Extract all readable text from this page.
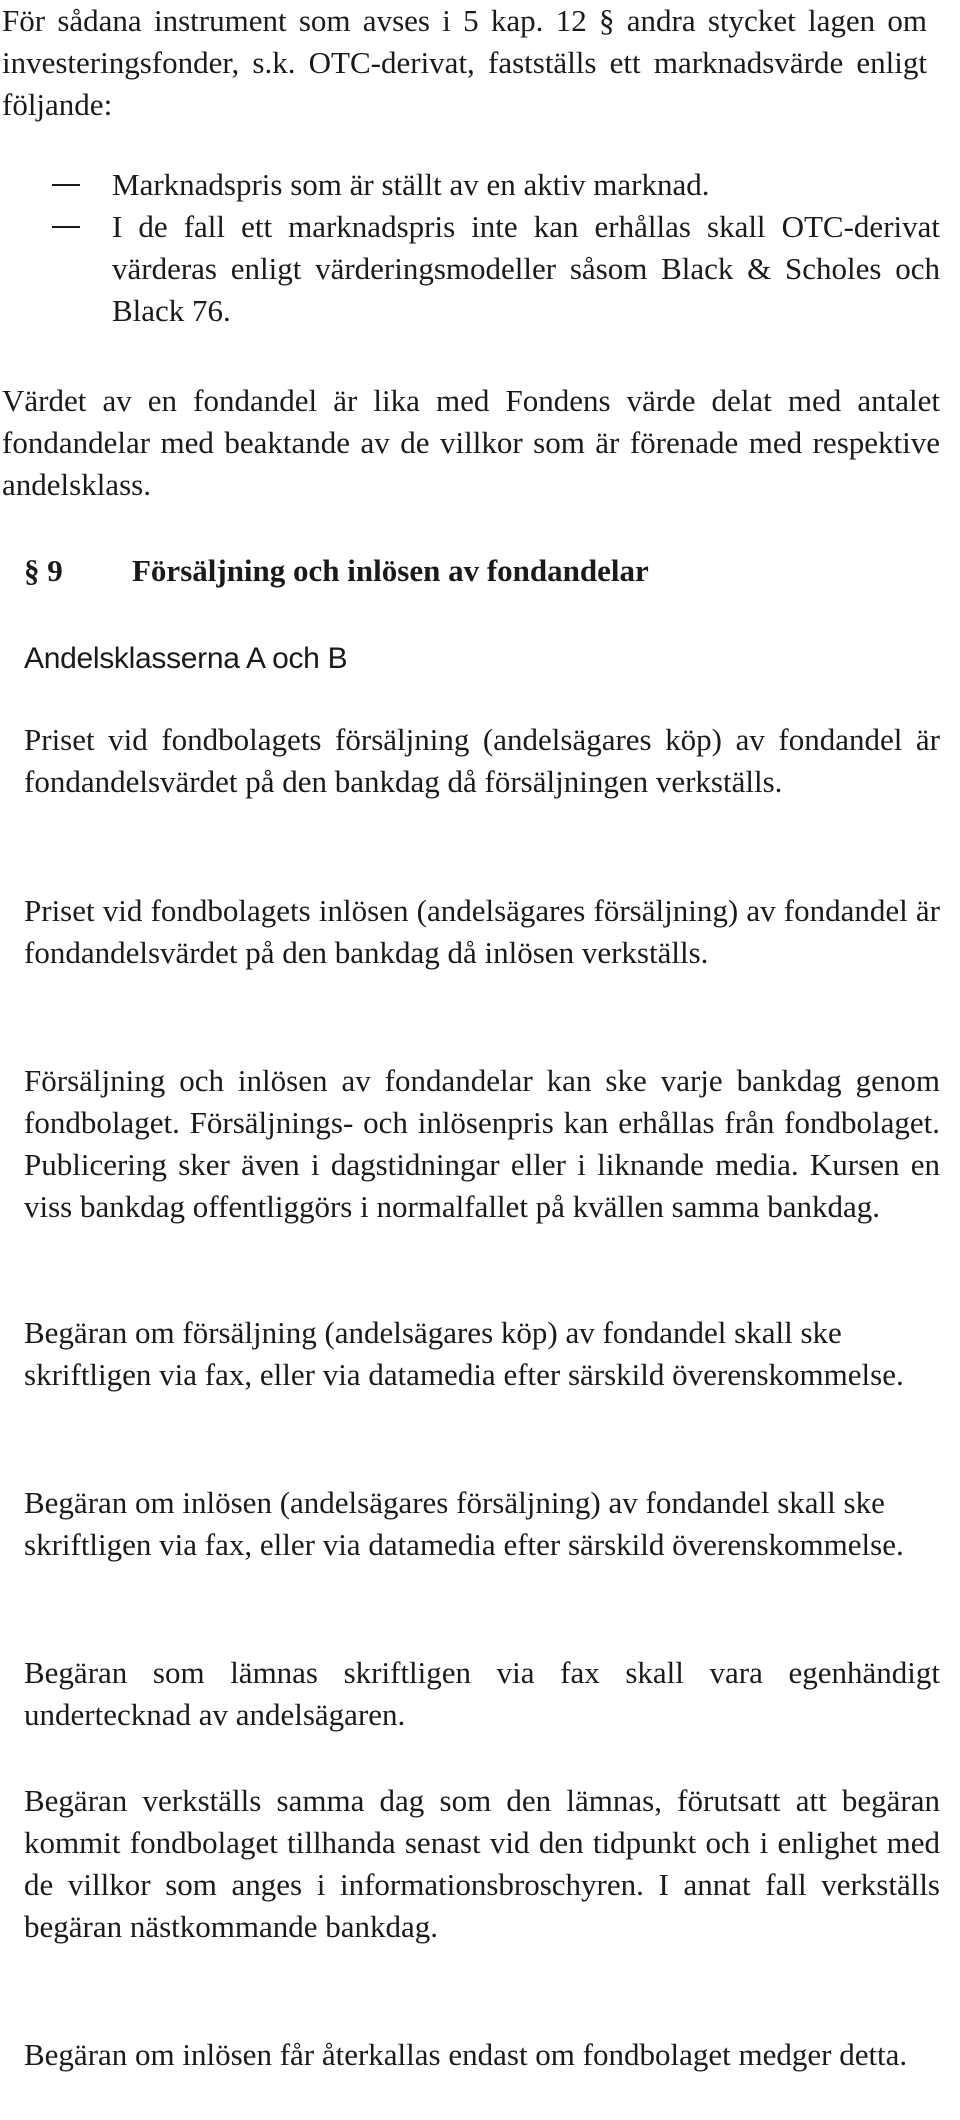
För sådana instrument som avses i 5 kap. 12 § andra stycket lagen om investeringsfonder, s.k. OTC-derivat, fastställs ett marknadsvärde enligt följande:

Marknadspris som är ställt av en aktiv marknad.
I de fall ett marknadspris inte kan erhållas skall OTC-derivat värderas enligt värderingsmodeller såsom Black & Scholes och Black 76.

Värdet av en fondandel är lika med Fondens värde delat med antalet fondandelar med beaktande av de villkor som är förenade med respektive andelsklass.

§ 9 Försäljning och inlösen av fondandelar
Andelsklasserna A och B

Priset vid fondbolagets försäljning (andelsägares köp) av fondandel är fondandelsvärdet på den bankdag då försäljningen verkställs.

Priset vid fondbolagets inlösen (andelsägares försäljning) av fondandel är fondandelsvärdet på den bankdag då inlösen verkställs.

Försäljning och inlösen av fondandelar kan ske varje bankdag genom fondbolaget. Försäljnings- och inlösenpris kan erhållas från fondbolaget. Publicering sker även i dagstidningar eller i liknande media. Kursen en viss bankdag offentliggörs i normalfallet på kvällen samma bankdag.

Begäran om försäljning (andelsägares köp) av fondandel skall ske skriftligen via fax, eller via datamedia efter särskild överenskommelse.

Begäran om inlösen (andelsägares försäljning) av fondandel skall ske skriftligen via fax, eller via datamedia efter särskild överenskommelse.

Begäran som lämnas skriftligen via fax skall vara egenhändigt undertecknad av andelsägaren.

Begäran verkställs samma dag som den lämnas, förutsatt att begäran kommit fondbolaget tillhanda senast vid den tidpunkt och i enlighet med de villkor som anges i informationsbroschyren. I annat fall verkställs begäran nästkommande bankdag.

Begäran om inlösen får återkallas endast om fondbolaget medger detta.
